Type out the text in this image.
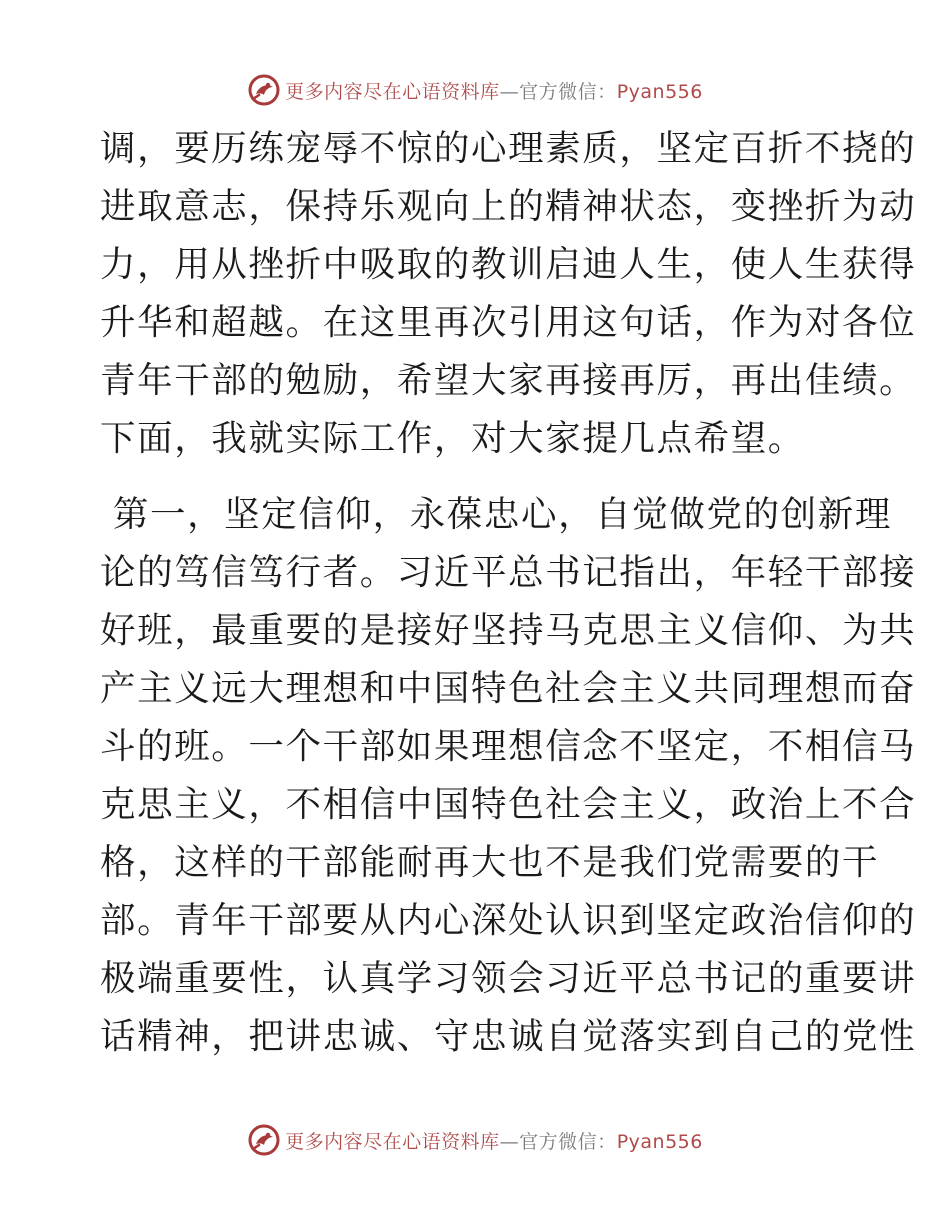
更多内容尽在心语资料库—官方微信：Pyan556
调，要历练宠辱不惊的心理素质，坚定百折不挠的
进取意志，保持乐观向上的精神状态，变挫折为动
力，用从挫折中吸取的教训启迪人生，使人生获得
升华和超越。在这里再次引用这句话，作为对各位
青年干部的勉励，希望大家再接再厉，再出佳绩。
下面，我就实际工作，对大家提几点希望。
第一，坚定信仰，永葆忠心，自觉做党的创新理
论的笃信笃行者。习近平总书记指出，年轻干部接
好班，最重要的是接好坚持马克思主义信仰、为共
产主义远大理想和中国特色社会主义共同理想而奋
斗的班。一个干部如果理想信念不坚定，不相信马
克思主义，不相信中国特色社会主义，政治上不合
格，这样的干部能耐再大也不是我们党需要的干
部。青年干部要从内心深处认识到坚定政治信仰的
极端重要性，认真学习领会习近平总书记的重要讲
话精神，把讲忠诚、守忠诚自觉落实到自己的党性
更多内容尽在心语资料库—官方微信：Pyan556
